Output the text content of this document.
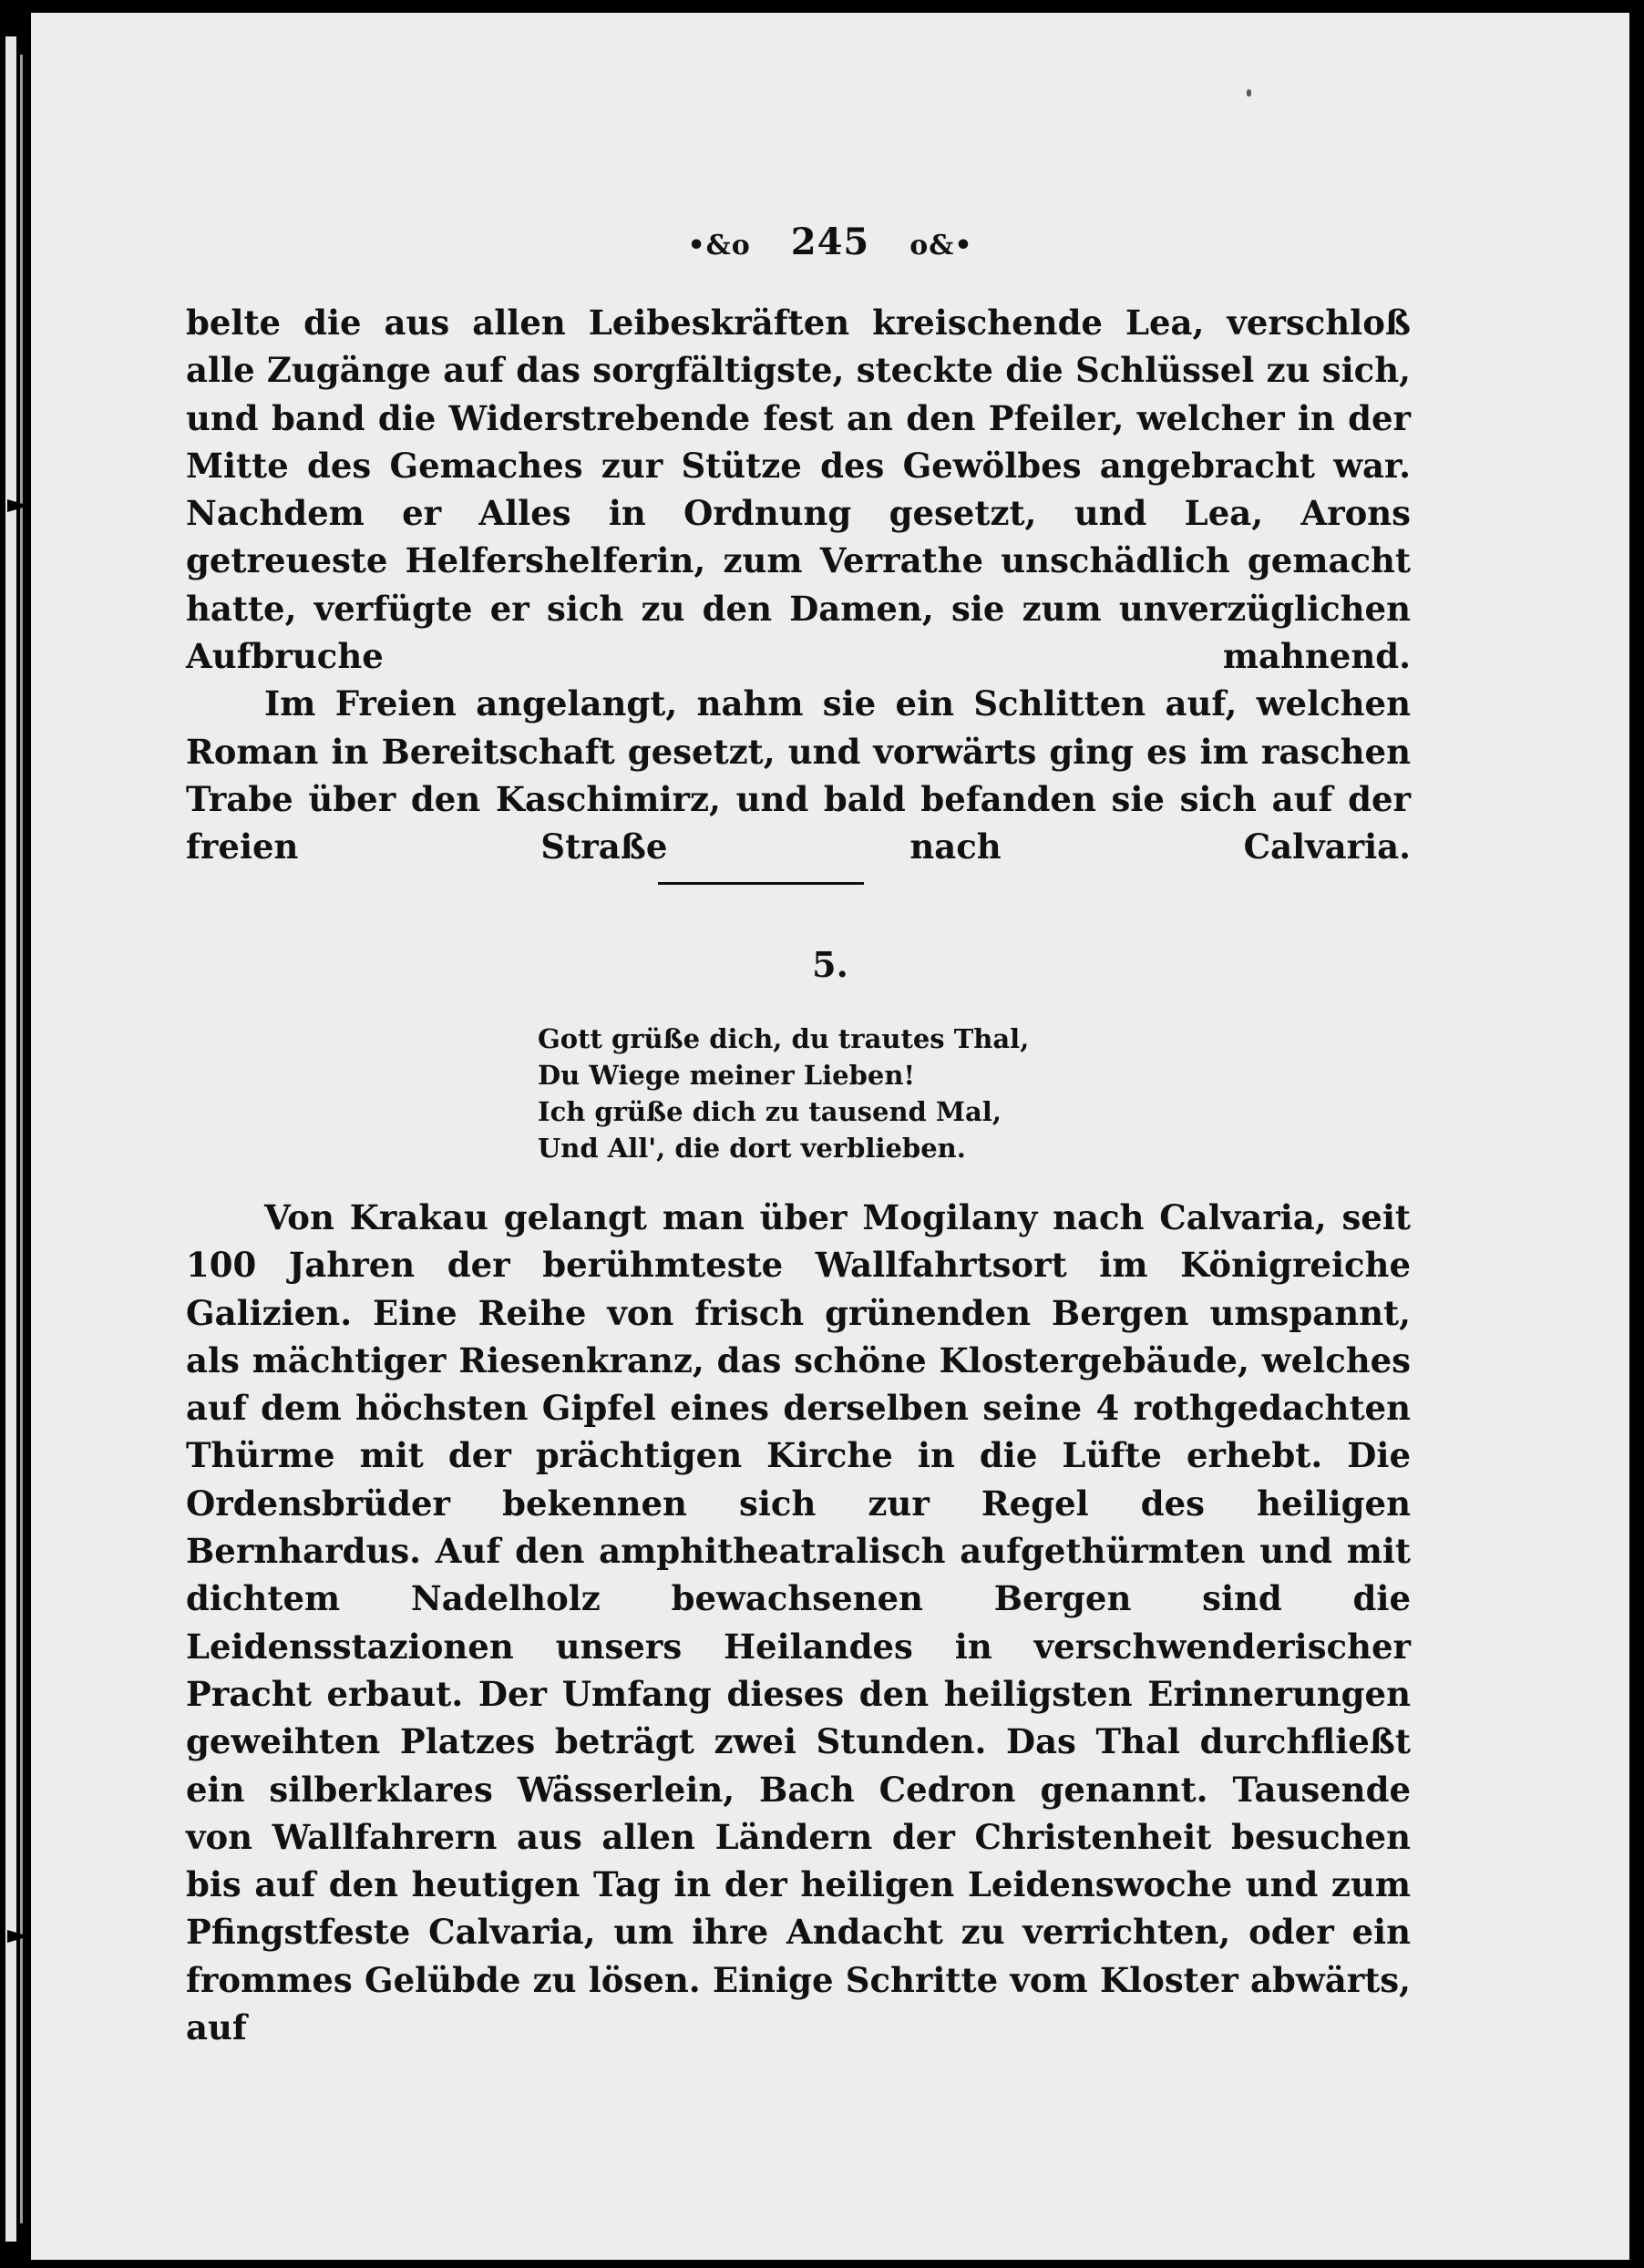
•&o 245 o&•
belte die aus allen Leibeskräften kreischende Lea, verschloß alle Zugänge auf das sorgfältigste, steckte die Schlüssel zu sich, und band die Widerstrebende fest an den Pfeiler, welcher in der Mitte des Gemaches zur Stütze des Gewölbes angebracht war. Nachdem er Alles in Ordnung gesetzt, und Lea, Arons getreueste Helfershelferin, zum Verrathe unschädlich gemacht hatte, verfügte er sich zu den Damen, sie zum unverzüglichen Aufbruche mahnend.
Im Freien angelangt, nahm sie ein Schlitten auf, welchen Roman in Bereitschaft gesetzt, und vorwärts ging es im raschen Trabe über den Kaschimirz, und bald befanden sie sich auf der freien Straße nach Calvaria.
5.
Gott grüße dich, du trautes Thal,
Du Wiege meiner Lieben!
Ich grüße dich zu tausend Mal,
Und All', die dort verblieben.
Von Krakau gelangt man über Mogilany nach Calvaria, seit 100 Jahren der berühmteste Wallfahrtsort im Königreiche Galizien. Eine Reihe von frisch grünenden Bergen umspannt, als mächtiger Riesenkranz, das schöne Klostergebäude, welches auf dem höchsten Gipfel eines derselben seine 4 rothgedachten Thürme mit der prächtigen Kirche in die Lüfte erhebt. Die Ordensbrüder bekennen sich zur Regel des heiligen Bernhardus. Auf den amphitheatralisch aufgethürmten und mit dichtem Nadelholz bewachsenen Bergen sind die Leidensstazionen unsers Heilandes in verschwenderischer Pracht erbaut. Der Umfang dieses den heiligsten Erinnerungen geweihten Platzes beträgt zwei Stunden. Das Thal durchfließt ein silberklares Wässerlein, Bach Cedron genannt. Tausende von Wallfahrern aus allen Ländern der Christenheit besuchen bis auf den heutigen Tag in der heiligen Leidenswoche und zum Pfingstfeste Calvaria, um ihre Andacht zu verrichten, oder ein frommes Gelübde zu lösen. Einige Schritte vom Kloster abwärts, auf
